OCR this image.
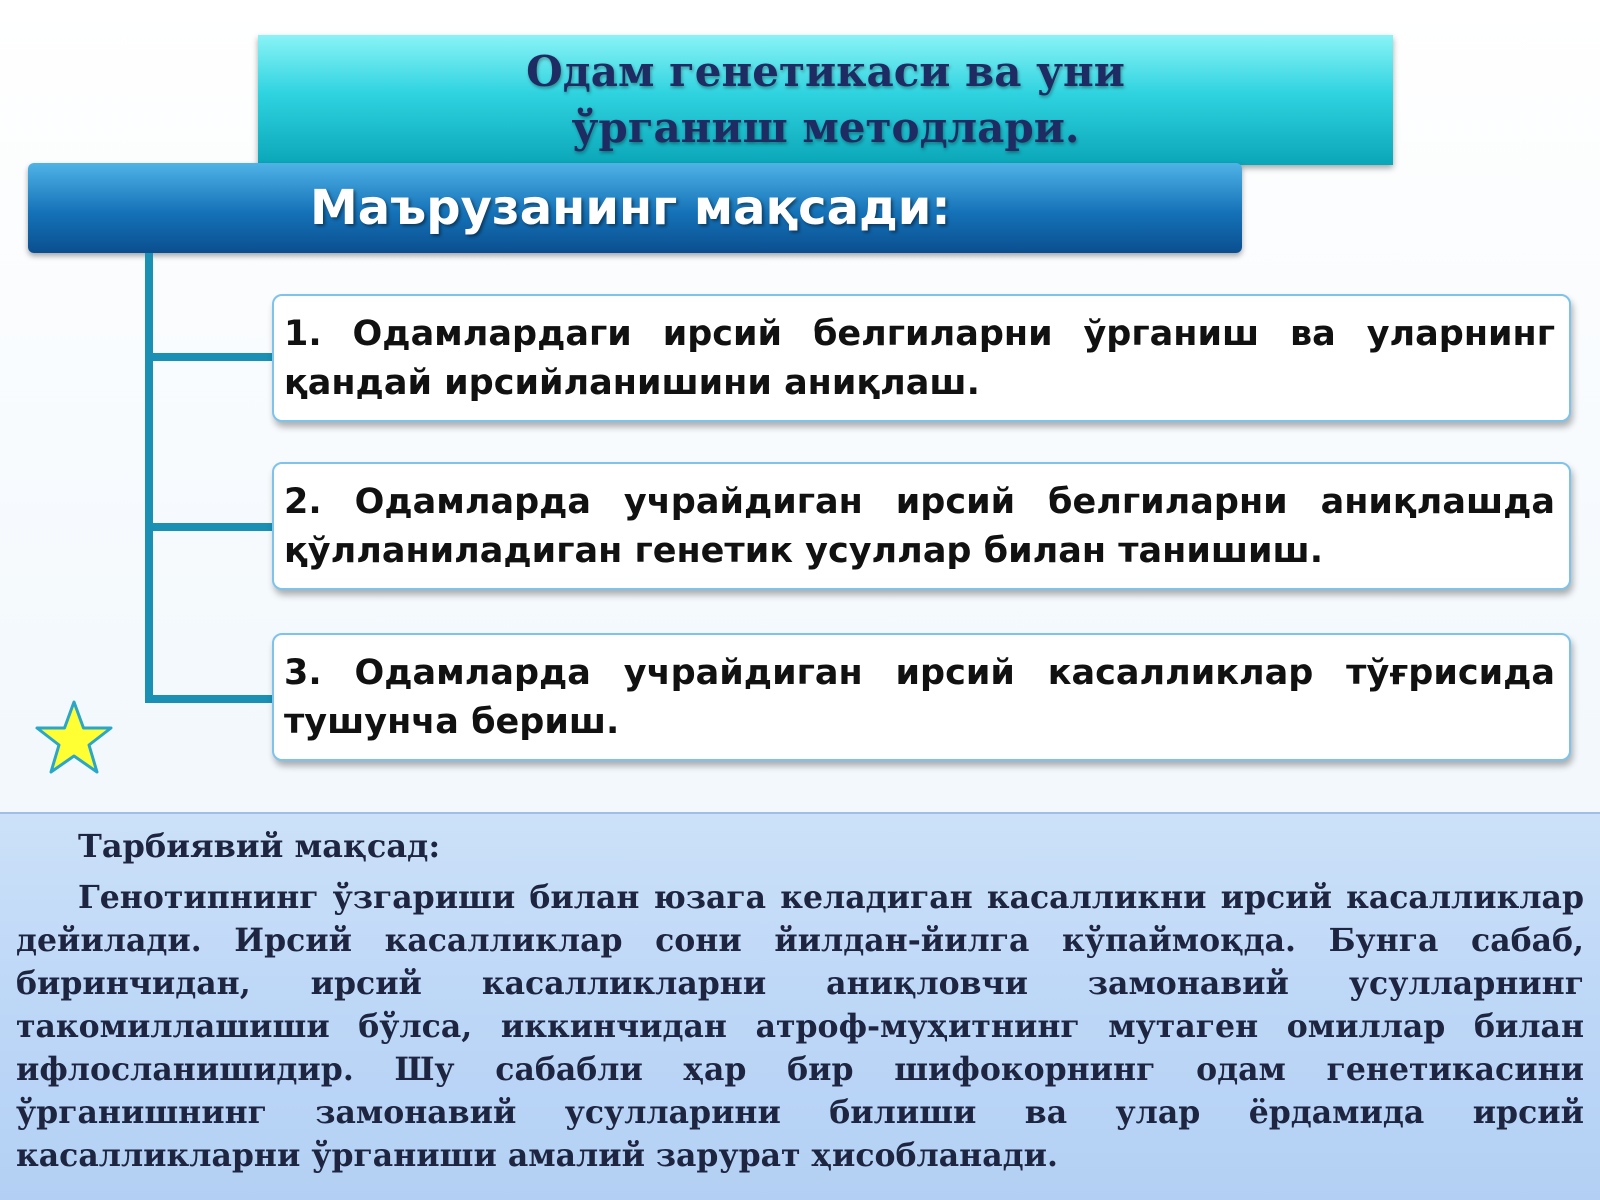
Одам генетикаси ва уни ўрганиш методлари.
Маърузанинг мақсади:
1. Одамлардаги ирсий белгиларни ўрганиш ва уларнинг қандай ирсийланишини аниқлаш.
2. Одамларда учрайдиган ирсий белгиларни аниқлашда қўлланиладиган генетик усуллар билан танишиш.
3. Одамларда учрайдиган ирсий касалликлар тўғрисида тушунча бериш.
Тарбиявий мақсад:

Генотипнинг ўзгариши билан юзага келадиган касалликни ирсий касалликлар дейилади. Ирсий касалликлар сони йилдан-йилга кўпаймоқда. Бунга сабаб, биринчидан, ирсий касалликларни аниқловчи замонавий усулларнинг такомиллашиши бўлса, иккинчидан атроф-муҳитнинг мутаген омиллар билан ифлосланишидир. Шу сабабли ҳар бир шифокорнинг одам генетикасини ўрганишнинг замонавий усулларини билиши ва улар ёрдамида ирсий касалликларни ўрганиши амалий зарурат ҳисобланади.
